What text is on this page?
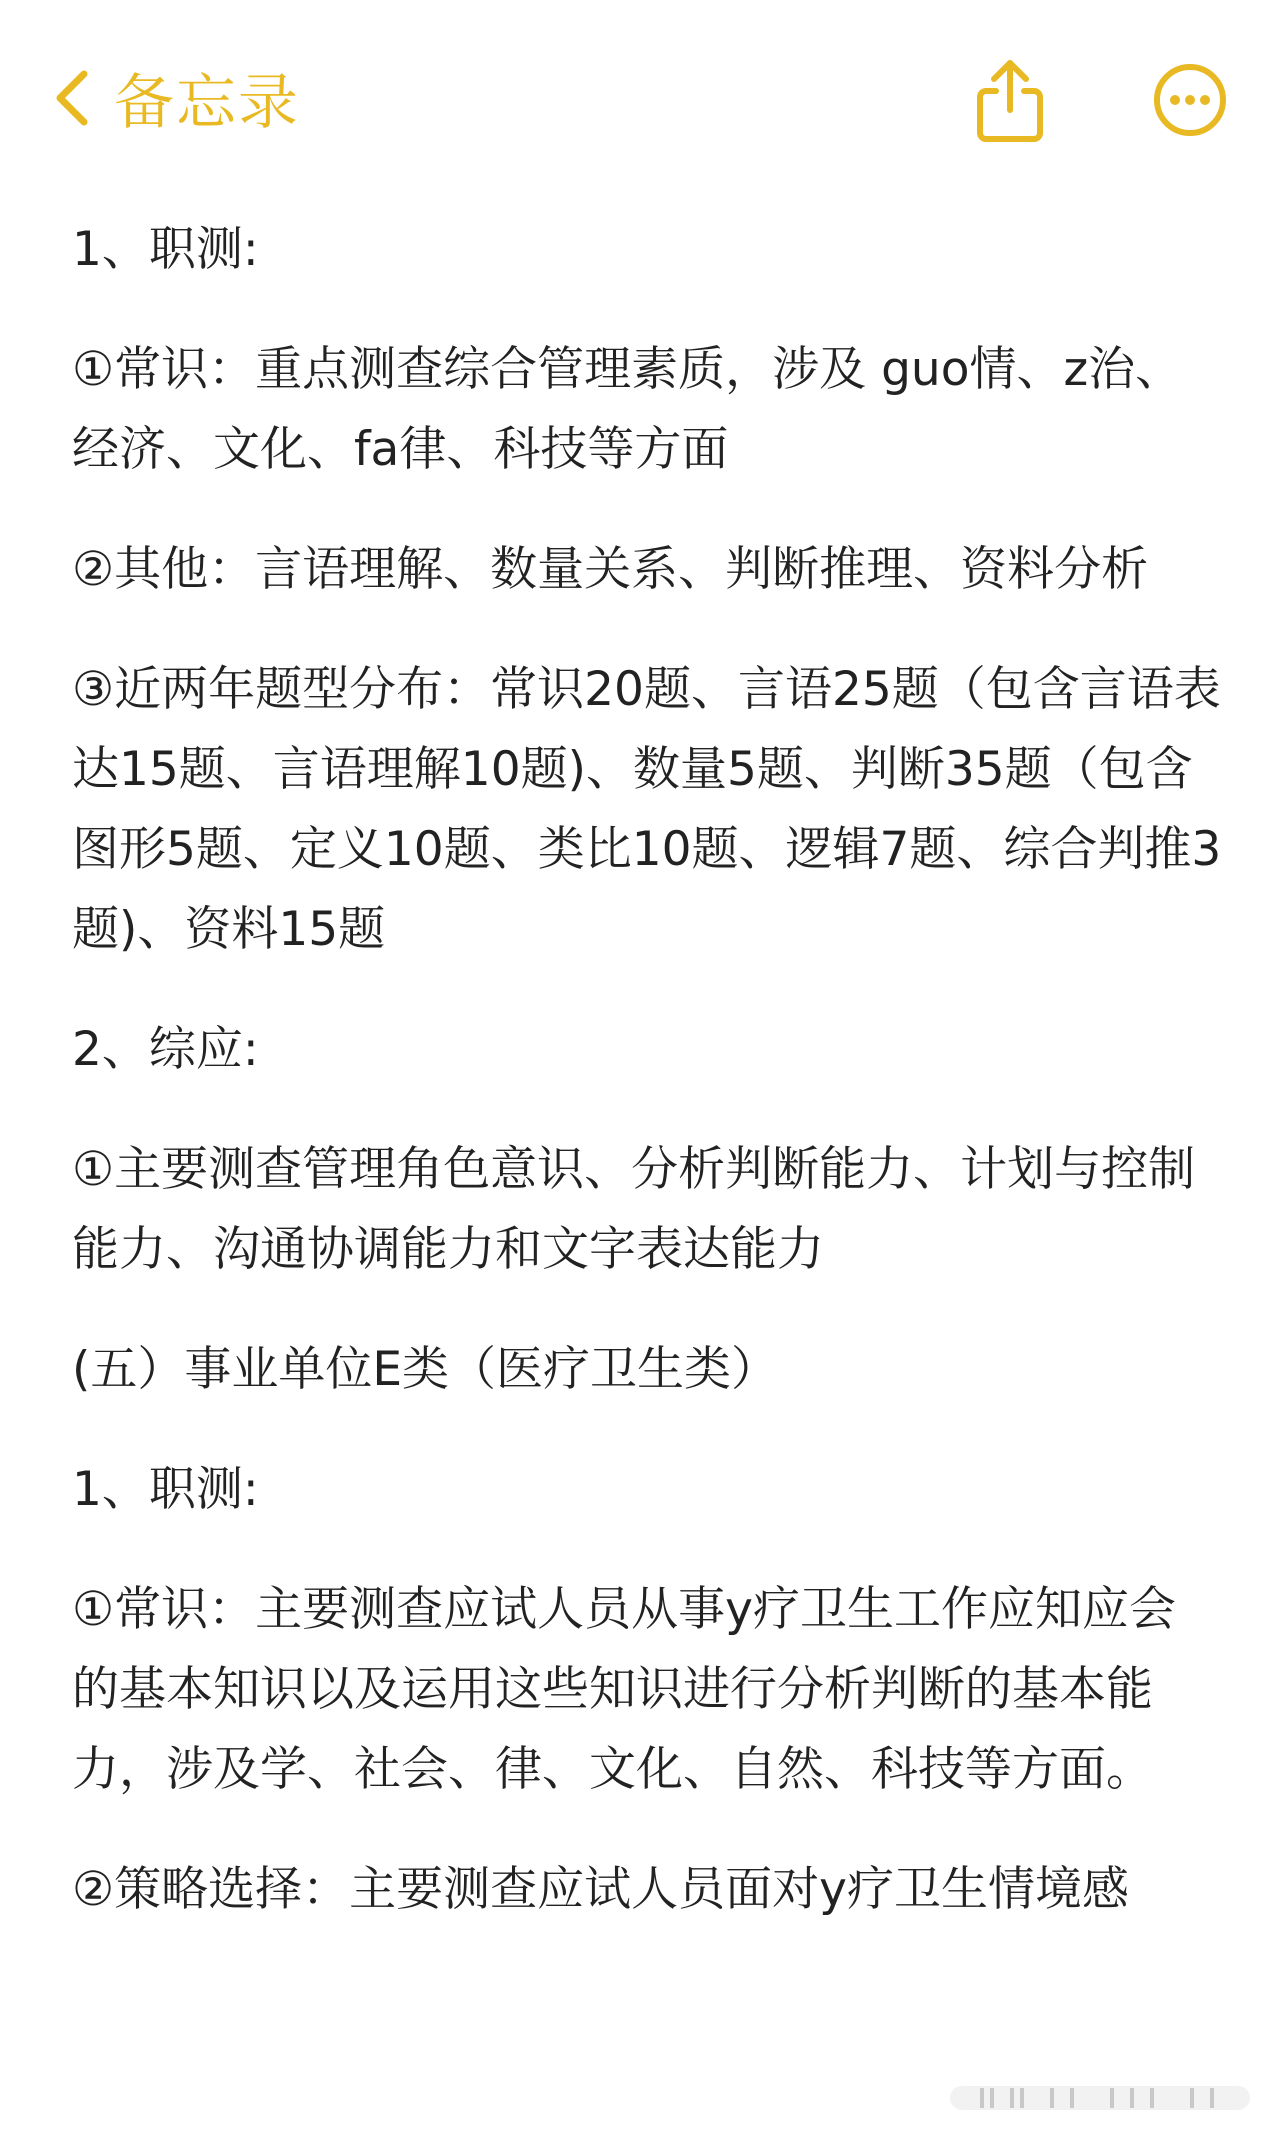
备忘录

1、职测:

①常识：重点测查综合管理素质，涉及 guo情、z治、经济、文化、fa律、科技等方面

②其他：言语理解、数量关系、判断推理、资料分析

③近两年题型分布：常识20题、言语25题（包含言语表达15题、言语理解10题)、数量5题、判断35题（包含图形5题、定义10题、类比10题、逻辑7题、综合判推3题)、资料15题

2、综应:

①主要测查管理角色意识、分析判断能力、计划与控制能力、沟通协调能力和文字表达能力

(五）事业单位E类（医疗卫生类）

1、职测:

①常识：主要测查应试人员从事y疗卫生工作应知应会的基本知识以及运用这些知识进行分析判断的基本能力，涉及学、社会、律、文化、自然、科技等方面。

②策略选择：主要测查应试人员面对y疗卫生情境感
